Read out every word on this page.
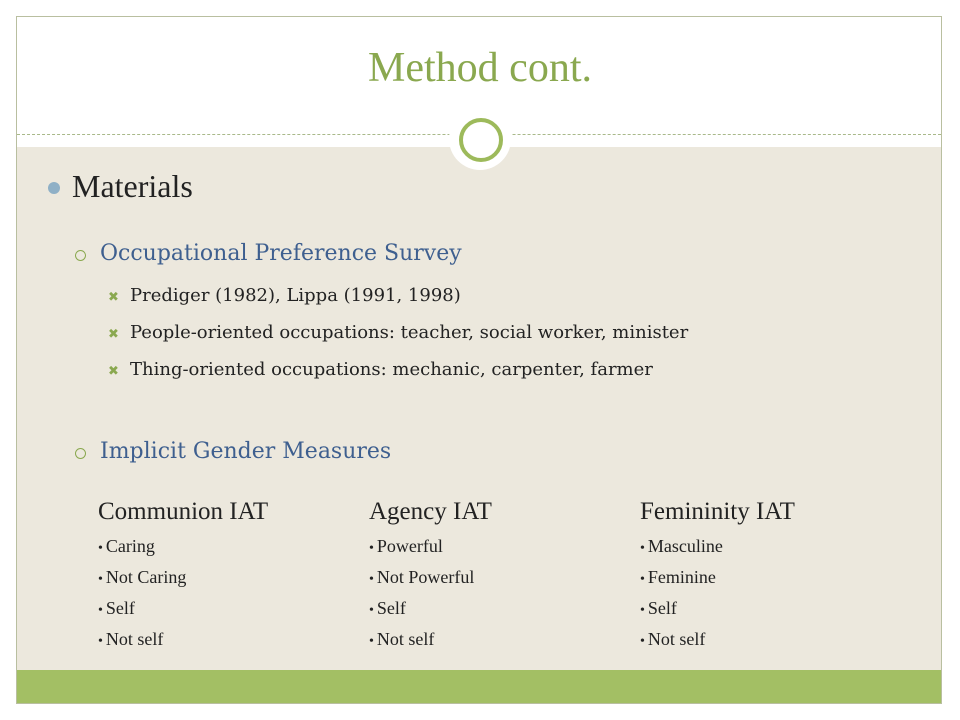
Method cont.
Materials
Occupational Preference Survey
✖ Prediger (1982), Lippa (1991, 1998)
✖ People-oriented occupations: teacher, social worker, minister
✖ Thing-oriented occupations: mechanic, carpenter, farmer
Implicit Gender Measures
Communion IAT
• Caring
• Not Caring
• Self
• Not self
Agency IAT
• Powerful
• Not Powerful
• Self
• Not self
Femininity IAT
• Masculine
• Feminine
• Self
• Not self
